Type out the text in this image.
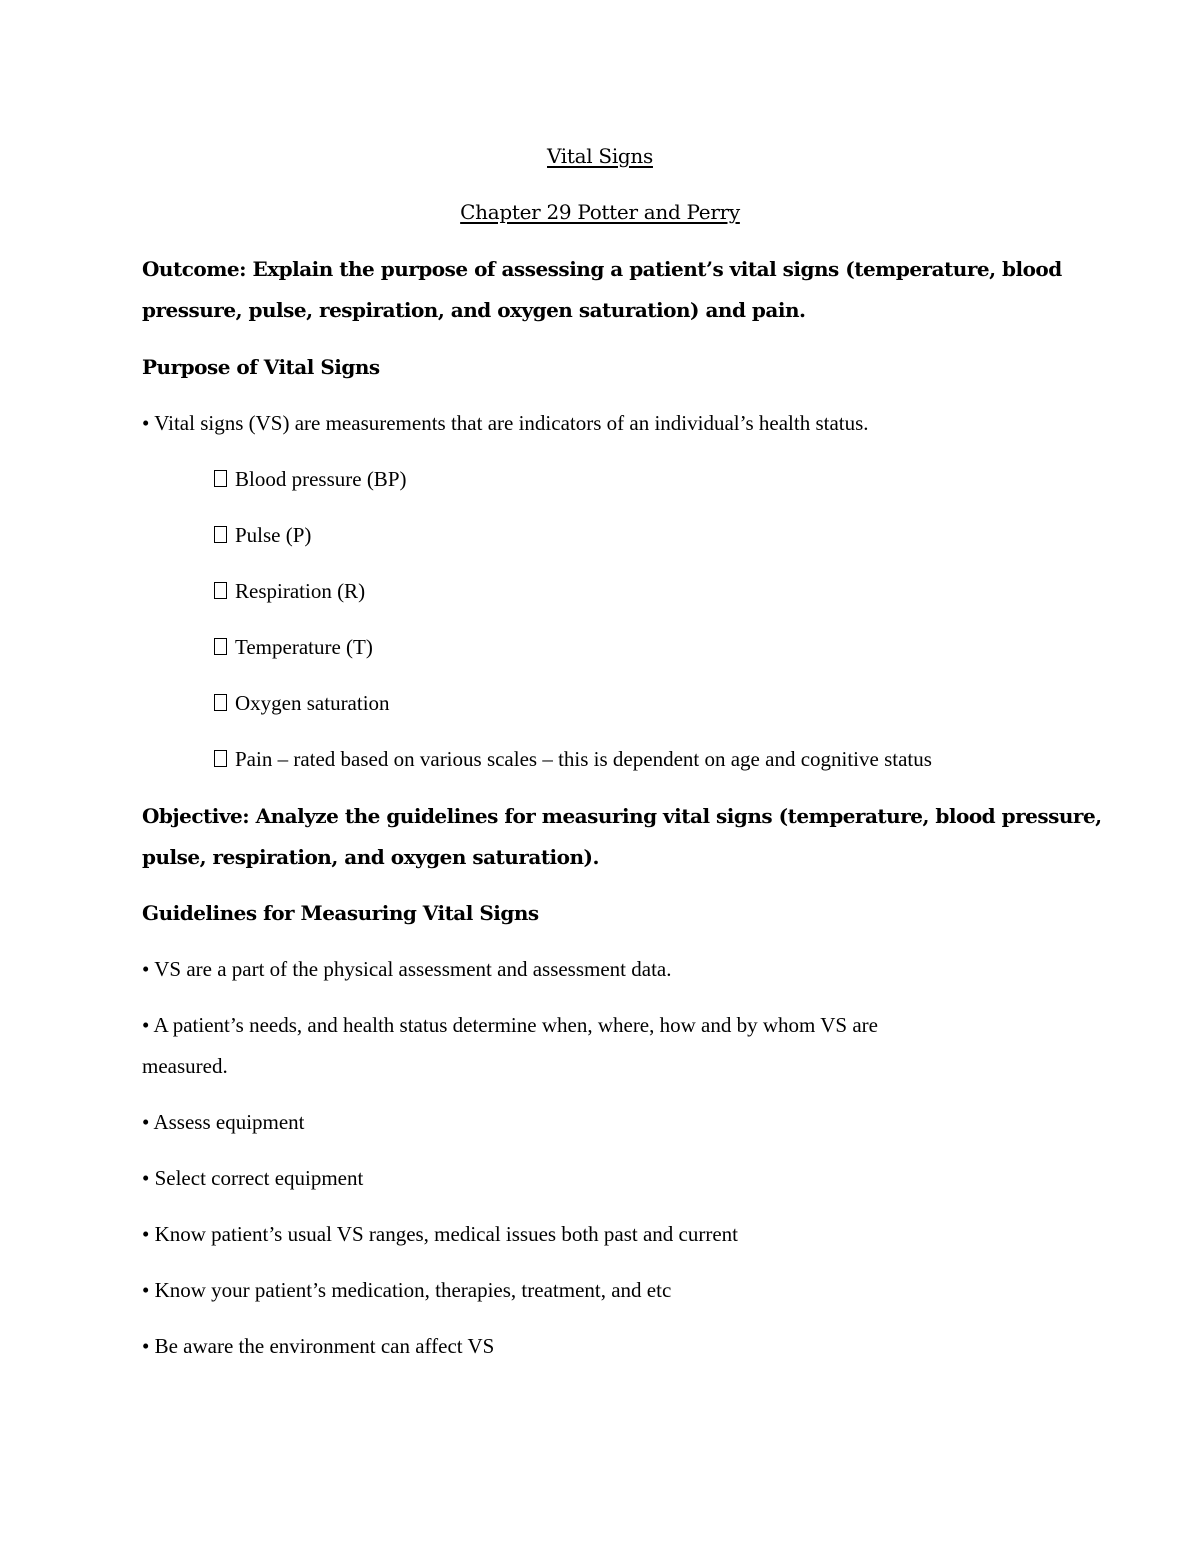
Vital Signs
Chapter 29 Potter and Perry
Outcome: Explain the purpose of assessing a patient’s vital signs (temperature, blood
pressure, pulse, respiration, and oxygen saturation) and pain.
Purpose of Vital Signs
• Vital signs (VS) are measurements that are indicators of an individual’s health status.
Blood pressure (BP)
Pulse (P)
Respiration (R)
Temperature (T)
Oxygen saturation
Pain – rated based on various scales – this is dependent on age and cognitive status
Objective: Analyze the guidelines for measuring vital signs (temperature, blood pressure,
pulse, respiration, and oxygen saturation).
Guidelines for Measuring Vital Signs
• VS are a part of the physical assessment and assessment data.
• A patient’s needs, and health status determine when, where, how and by whom VS are
measured.
• Assess equipment
• Select correct equipment
• Know patient’s usual VS ranges, medical issues both past and current
• Know your patient’s medication, therapies, treatment, and etc
• Be aware the environment can affect VS
